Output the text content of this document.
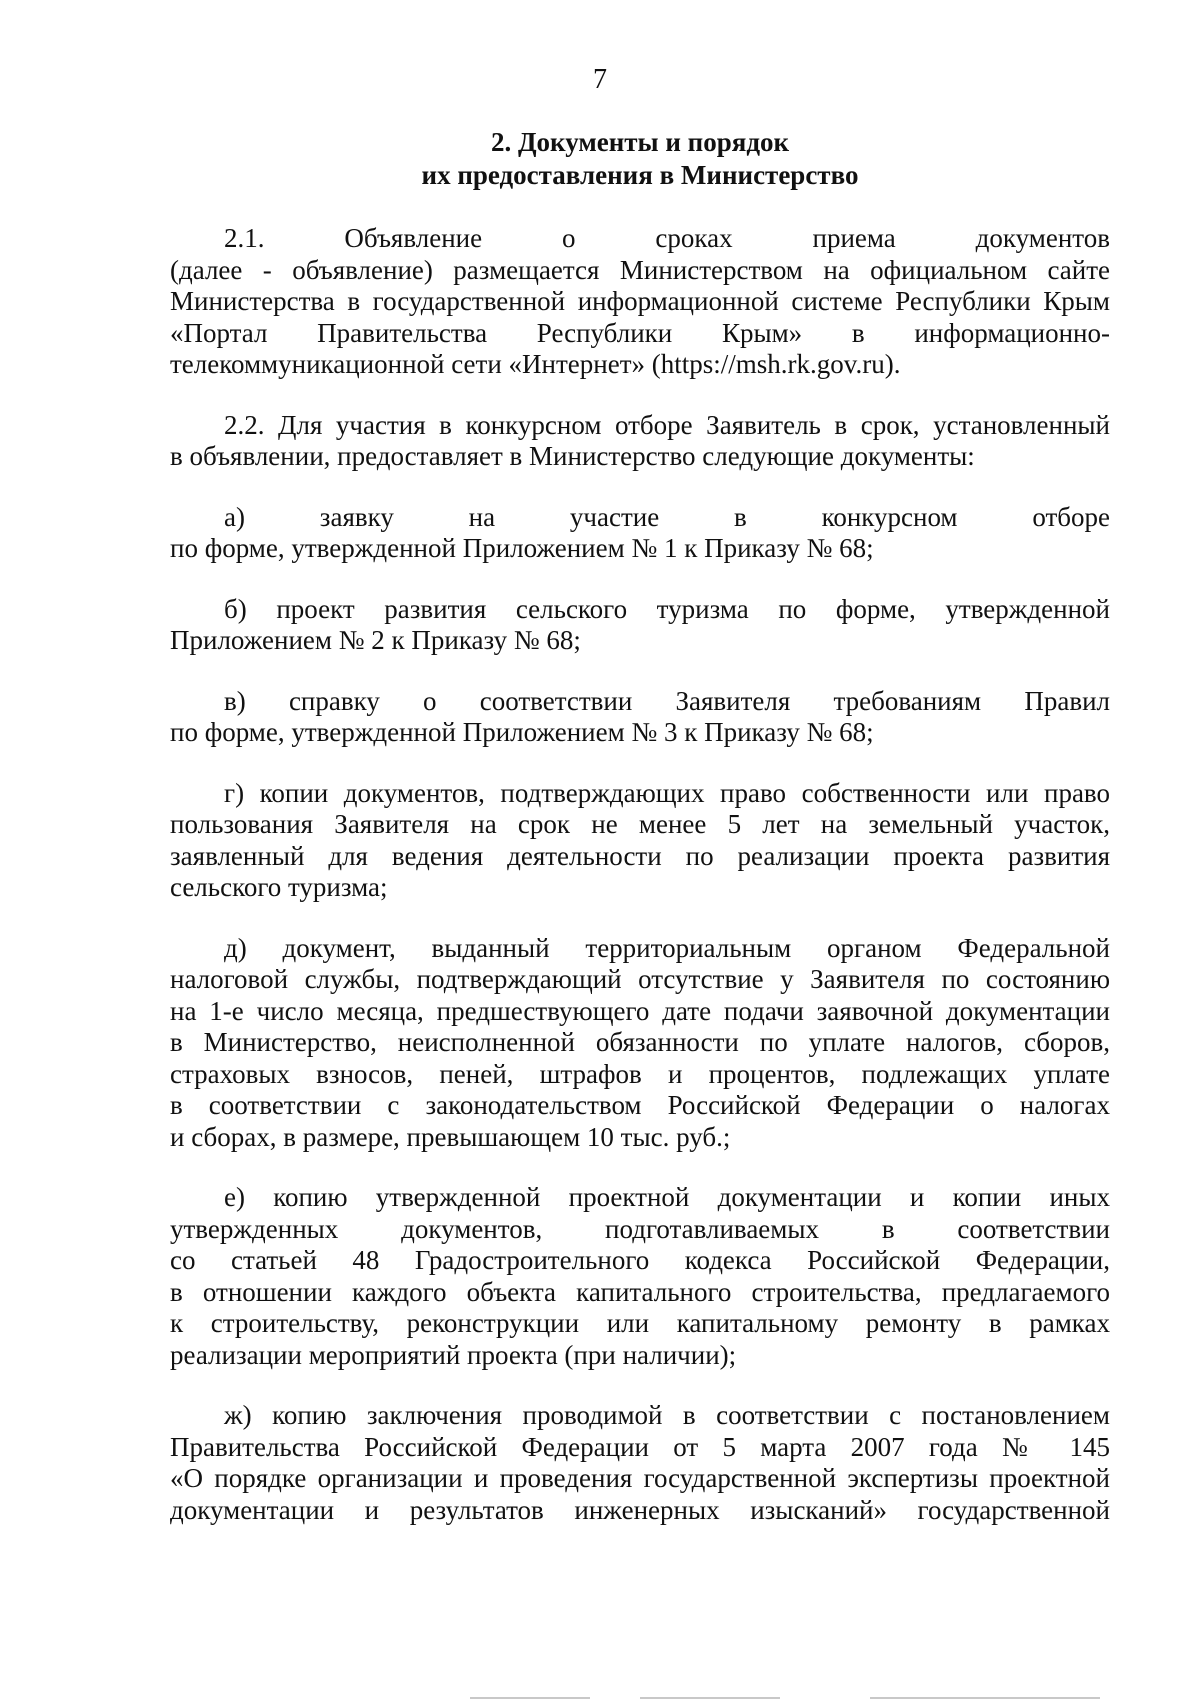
7
2. Документы и порядок
их предоставления в Министерство
2.1. Объявление о сроках приема документов
(далее - объявление) размещается Министерством на официальном сайте
Министерства в государственной информационной системе Республики Крым
«Портал Правительства Республики Крым» в информационно-
телекоммуникационной сети «Интернет» (https://msh.rk.gov.ru).
2.2. Для участия в конкурсном отборе Заявитель в срок, установленный
в объявлении, предоставляет в Министерство следующие документы:
а) заявку на участие в конкурсном отборе
по форме, утвержденной Приложением № 1 к Приказу № 68;
б) проект развития сельского туризма по форме, утвержденной
Приложением № 2 к Приказу № 68;
в) справку о соответствии Заявителя требованиям Правил
по форме, утвержденной Приложением № 3 к Приказу № 68;
г) копии документов, подтверждающих право собственности или право
пользования Заявителя на срок не менее 5 лет на земельный участок,
заявленный для ведения деятельности по реализации проекта развития
сельского туризма;
д) документ, выданный территориальным органом Федеральной
налоговой службы, подтверждающий отсутствие у Заявителя по состоянию
на 1-е число месяца, предшествующего дате подачи заявочной документации
в Министерство, неисполненной обязанности по уплате налогов, сборов,
страховых взносов, пеней, штрафов и процентов, подлежащих уплате
в соответствии с законодательством Российской Федерации о налогах
и сборах, в размере, превышающем 10 тыс. руб.;
е) копию утвержденной проектной документации и копии иных
утвержденных документов, подготавливаемых в соответствии
со статьей 48 Градостроительного кодекса Российской Федерации,
в отношении каждого объекта капитального строительства, предлагаемого
к строительству, реконструкции или капитальному ремонту в рамках
реализации мероприятий проекта (при наличии);
ж) копию заключения проводимой в соответствии с постановлением
Правительства Российской Федерации от 5 марта 2007 года № 145
«О порядке организации и проведения государственной экспертизы проектной
документации и результатов инженерных изысканий» государственной
